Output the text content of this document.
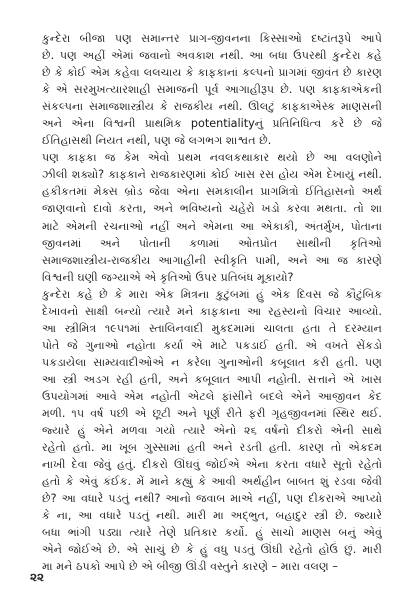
કુન્દેરા બીજા પણ સમાન્તર પ્રાગ-જીવનના કિસ્સાઓ દષ્ટાંતરૂપે આપે
છે. પણ અહીં એમાં જવાનો અવકાશ નથી. આ બધા ઉપરથી કુન્દેરા કહે
છે કે કોઈ એમ કહેવા લલચાય કે કાફકાનાં કલ્પનો પ્રાગમાં જીવંત છે કારણ
કે એ સરમુખત્યારશાહી સમાજની પૂર્વ આગાહીરૂપ છે. પણ કાફકાએકની
સંકલ્પના સમાજશાસ્ત્રીય કે રાજકીય નથી. ઊલટું કાફકાએસ્ક માણસની
અને એના વિશ્વની પ્રાથમિક potentialityનું પ્રતિનિધિત્વ કરે છે જે
ઈતિહાસથી નિયત નથી, પણ જે લગભગ શાશ્વત છે.
પણ કાફકા જ કેમ એવો પ્રથમ નવલકથાકાર થયો છે આ વલણોને
ઝીલી શક્યો? કાફકાને રાજકારણમાં કોઈ ખાસ રસ હોય એમ દેખાયું નથી.
હકીકતમાં મેક્સ બ્રોડ જેવા એના સમકાલીન પ્રાગમિત્રો ઈતિહાસનો અર્થ
જાણવાનો દાવો કરતા, અને ભવિષ્યનો ચહેરો ખડો કરવા મથતા. તો શા
માટે એમની રચનાઓ નહીં અને એમના આ એકાકી, અંતર્મુખ, પોતાના
જીવનમાં અને પોતાની કળામાં ઓતપ્રોત સાથીની કૃતિઓ
સમાજશાસ્ત્રીય-રાજકીય આગાહીની સ્વીકૃતિ પામી, અને આ જ કારણે
વિશ્વની ઘણી જગ્યાએ એ કૃતિઓ ઉપર પ્રતિબંધ મૂકાયો?
કુન્દેરા કહે છે કે મારા એક મિત્રના કુટુંબમાં હું એક દિવસ જે કૌટુંબિક
દેખાવનો સાક્ષી બન્યો ત્યારે મને કાફકાના આ રહસ્યનો વિચાર આવ્યો.
આ સ્ત્રીમિત્ર ૧૯૫૧માં સ્તાલિનવાદી મુકદમામાં ચાલતા હતા તે દરમ્યાન
પોતે જે ગુનાઓ નહોતા કર્યા એ માટે પકડાઈ હતી. એ વખતે સેંકડો
પકડાયેલા સામ્યવાદીઓએ ન કરેલા ગુનાઓની કબૂલાત કરી હતી. પણ
આ સ્ત્રી અડગ રહી હતી, અને કબૂલાત આપી નહોતી. સત્તાને એ ખાસ
ઉપયોગમાં આવે એમ નહોતી એટલે ફાંસીને બદલે એને આજીવન કેદ
મળી. ૧૫ વર્ષ પછી એ છૂટી અને પૂર્ણ રીતે ફરી ગૃહજીવનમાં સ્થિર થઈ.
જ્યારે હું એને મળવા ગયો ત્યારે એનો ૨૬ વર્ષનો દીકરો એની સાથે
રહેતો હતો. મા ખૂબ ગુસ્સામાં હતી અને રડતી હતી. કારણ તો એકદમ
નાખી દેવા જેવું હતું. દીકરો ઊંઘવું જોઈએ એના કરતા વધારે સૂતો રહેતો
હતો કે એવું કંઈક. મેં માને કહ્યું કે આવી અર્થહીન બાબત શું રડવા જેવી
છે? આ વધારે પડતું નથી? આનો જવાબ માએ નહીં, પણ દીકરાએ આપ્યો
કે ના, આ વધારે પડતું નથી. મારી મા અદ્ભુત, બહાદુર સ્ત્રી છે. જ્યારે
બધા ભાંગી પડ્યા ત્યારે તેણે પ્રતિકાર કર્યો. હું સાચો માણસ બનું એવું
એને જોઈએ છે. એ સાચું છે કે હું વધુ પડતું ઊંઘી રહેતો હોઉં છું. મારી
મા મને ઠપકો આપે છે એ બીજી ઊંડી વસ્તુને કારણે – મારા વલણ –
૨૨
